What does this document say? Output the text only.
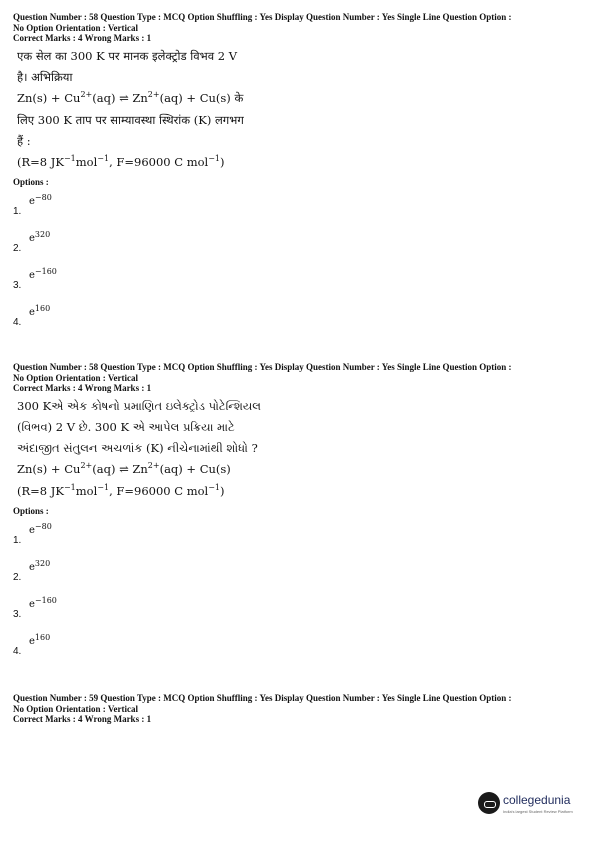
Question Number : 58 Question Type : MCQ Option Shuffling : Yes Display Question Number : Yes Single Line Question Option :
No Option Orientation : Vertical
Correct Marks : 4 Wrong Marks : 1
एक सेल का 300 K पर मानक इलेक्ट्रोड विभव 2 V
है। अभिक्रिया
$Zn(s) + Cu^{2+}(aq)$ ⇌ $Zn^{2+}(aq) + Cu(s)$ के
लिए 300 K ताप पर साम्यावस्था स्थिरांक (K) लगभग
हैं :
(R=8 $JK^{-1}mol^{-1}$, F=96000 C mol$^{-1}$)
Options :
1.
$e^{-80}$
2.
$e^{320}$
3.
$e^{-160}$
4.
$e^{160}$
Question Number : 58 Question Type : MCQ Option Shuffling : Yes Display Question Number : Yes Single Line Question Option :
No Option Orientation : Vertical
Correct Marks : 4 Wrong Marks : 1
300 Kએ એક કોષનો પ્રમાણિત ઇલેક્ટ્રોડ પોટેન્શિયલ
(વિભવ) 2 V છે. 300 K એ આપેલ પ્રક્રિયા માટે
અંદાજીત સંતુલન અચળાંક (K) નીચેનામાંથી શોધો ?
$Zn(s) + Cu^{2+}(aq)$ ⇌ $Zn^{2+}(aq) + Cu(s)$
(R=8 $JK^{-1}mol^{-1}$, F=96000 C mol$^{-1}$)
Options :
1.
$e^{-80}$
2.
$e^{320}$
3.
$e^{-160}$
4.
$e^{160}$
Question Number : 59 Question Type : MCQ Option Shuffling : Yes Display Question Number : Yes Single Line Question Option :
No Option Orientation : Vertical
Correct Marks : 4 Wrong Marks : 1
collegedunia
India's largest Student Review Platform
